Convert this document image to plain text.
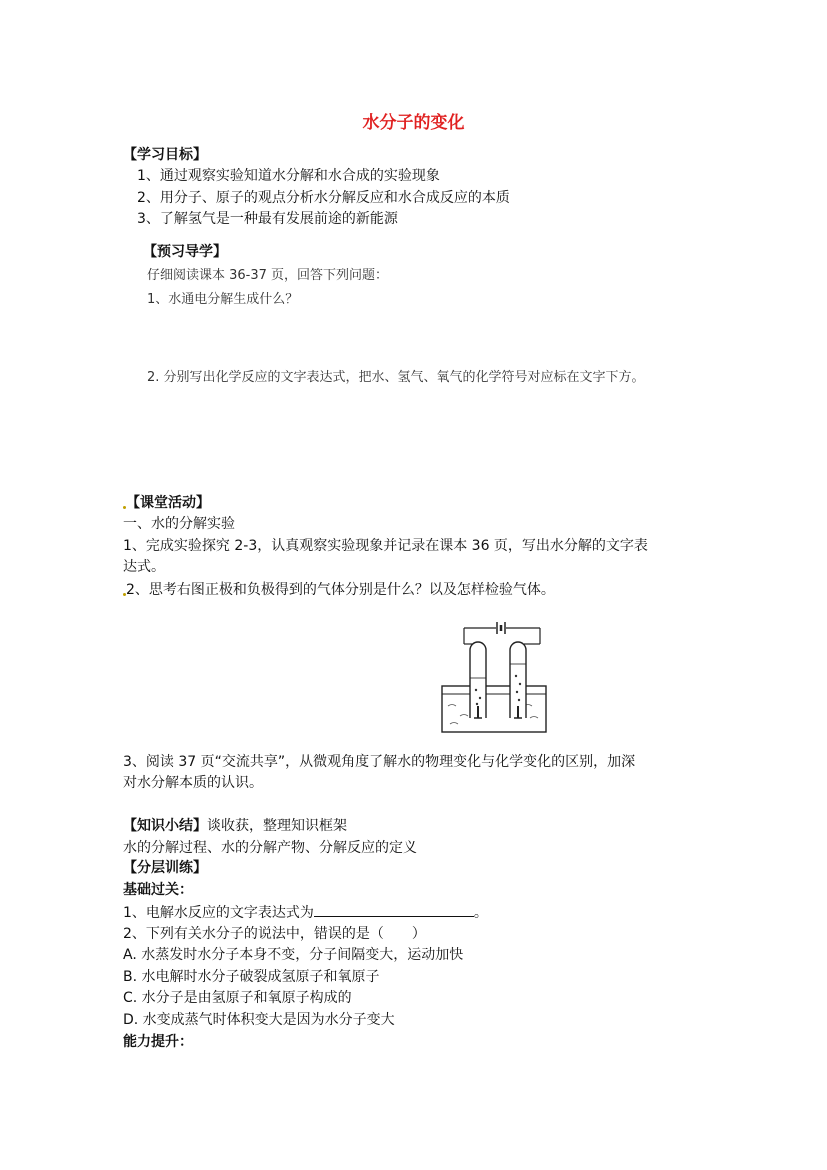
水分子的变化
【学习目标】
1、通过观察实验知道水分解和水合成的实验现象
2、用分子、原子的观点分析水分解反应和水合成反应的本质
3、了解氢气是一种最有发展前途的新能源
【预习导学】
仔细阅读课本 36-37 页，回答下列问题：
1、水通电分解生成什么？
2. 分别写出化学反应的文字表达式，把水、氢气、氧气的化学符号对应标在文字下方。
【课堂活动】
一、水的分解实验
1、完成实验探究 2-3，认真观察实验现象并记录在课本 36 页，写出水分解的文字表
达式。
2、思考右图正极和负极得到的气体分别是什么？以及怎样检验气体。
3、阅读 37 页“交流共享”，从微观角度了解水的物理变化与化学变化的区别，加深
对水分解本质的认识。
【知识小结】谈收获，整理知识框架
水的分解过程、水的分解产物、分解反应的定义
【分层训练】
基础过关：
1、电解水反应的文字表达式为	。
2、下列有关水分子的说法中，错误的是（　　）
A. 水蒸发时水分子本身不变，分子间隔变大，运动加快
B. 水电解时水分子破裂成氢原子和氧原子
C. 水分子是由氢原子和氧原子构成的
D. 水变成蒸气时体积变大是因为水分子变大
能力提升：
